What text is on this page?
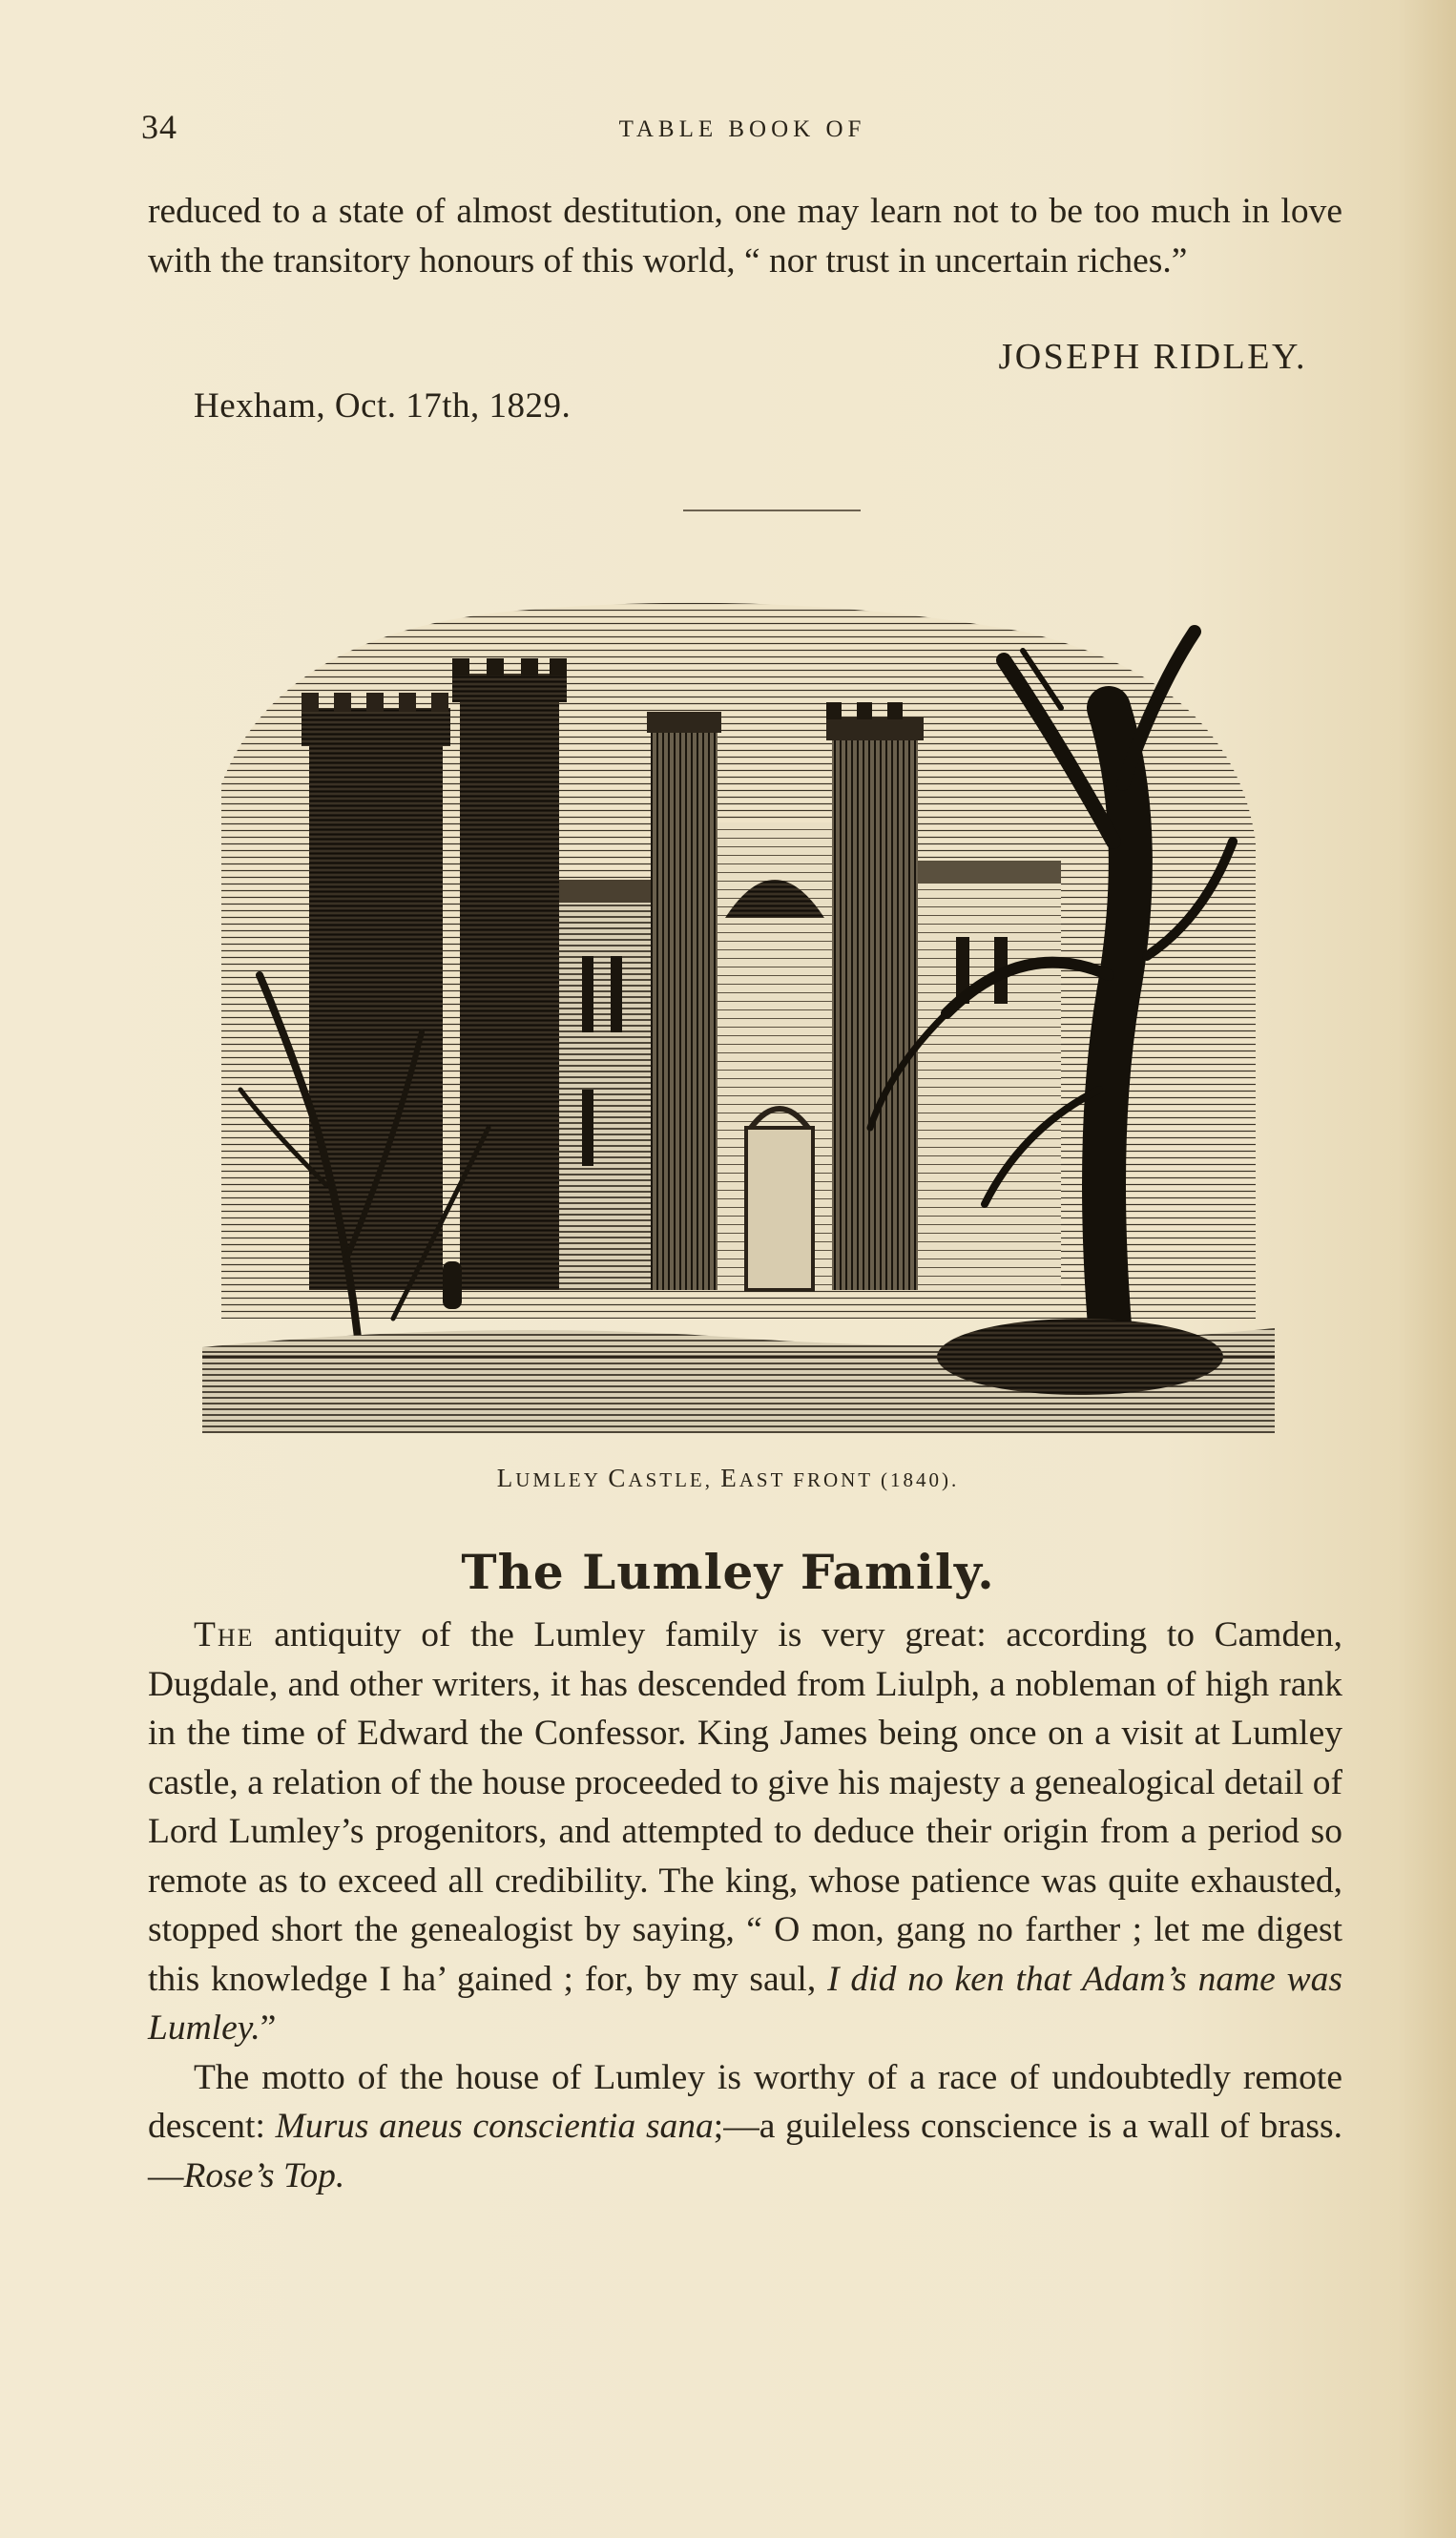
34	TABLE BOOK OF

reduced to a state of almost destitution, one may learn not to be too much in love with the transitory honours of this world, “ nor trust in uncertain riches.”

JOSEPH RIDLEY.
Hexham, Oct. 17th, 1829.
LUMLEY CASTLE, EAST FRONT (1840).
The Lumley Family.

The antiquity of the Lumley family is very great: according to Camden, Dugdale, and other writers, it has descended from Liulph, a nobleman of high rank in the time of Edward the Confessor. King James being once on a visit at Lumley castle, a relation of the house proceeded to give his majesty a genealogical detail of Lord Lumley’s progenitors, and attempted to deduce their origin from a period so remote as to exceed all credibility. The king, whose patience was quite exhausted, stopped short the genealogist by saying, “ O mon, gang no farther ; let me digest this knowledge I ha’ gained ; for, by my saul, I did no ken that Adam’s name was Lumley.”

The motto of the house of Lumley is worthy of a race of undoubtedly remote descent: Murus aneus conscientia sana;—a guileless conscience is a wall of brass.—Rose’s Top.
